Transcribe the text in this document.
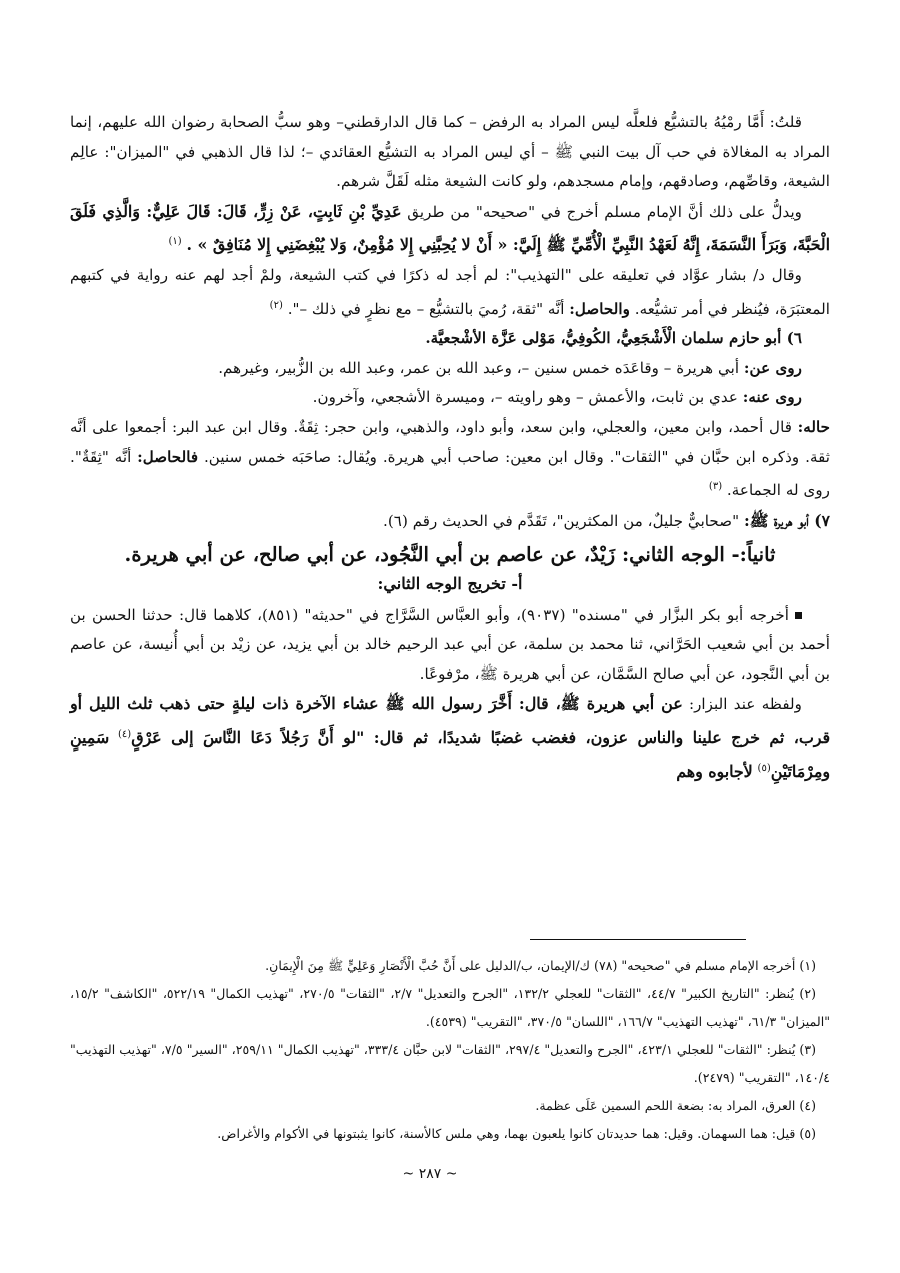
قلتُ: أَمَّا رمْيُهُ بالتشيُّع فلعلَّه ليس المراد به الرفض – كما قال الدارقطني– وهو سبُّ الصحابة رضوان الله عليهم، إنما المراد به المغالاة في حب آل بيت النبي ﷺ – أي ليس المراد به التشيُّع العقائدي –؛ لذا قال الذهبي في "الميزان": عالِم الشيعة، وقاصِّهم، وصادقهم، وإمام مسجدهم، ولو كانت الشيعة مثله لَقَلَّ شرهم.

ويدلُّ على ذلك أنَّ الإمام مسلم أخرج في "صحيحه" من طريق عَدِيِّ بْنِ ثَابِتٍ، عَنْ زِرٍّ، قَالَ: قَالَ عَلِيٌّ: وَالَّذِي فَلَقَ الْحَبَّةَ، وَبَرَأَ النَّسَمَةَ، إِنَّهُ لَعَهْدُ النَّبِيِّ الْأُمِّيِّ ﷺ إِلَيَّ: « أَنْ لا يُحِبَّنِي إِلا مُؤْمِنٌ، وَلا يُبْغِضَنِي إِلا مُنَافِقٌ » . $^{(١)}$

وقال د/ بشار عوَّاد في تعليقه على "التهذيب": لم أجد له ذكرًا في كتب الشيعة، ولمْ أجد لهم عنه رواية في كتبهم المعتبَرَة، فيُنظر في أمر تشيُّعه. والحاصل: أنَّه "ثقة، رُميَ بالتشيُّع – مع نظرٍ في ذلك –". $^{(٢)}$

٦) أبو حازم سلمان الْأَشْجَعِيُّ، الكُوفِيُّ، مَوْلى عَزَّة الأشْجعيَّة.

روى عن: أبي هريرة – وقاعَدَه خمس سنين –، وعبد الله بن عمر، وعبد الله بن الزُّبير، وغيرهم.

روى عنه: عدي بن ثابت، والأعمش – وهو راويته –، وميسرة الأشجعي، وآخرون.

حاله: قال أحمد، وابن معين، والعجلي، وابن سعد، وأبو داود، والذهبي، وابن حجر: ثِقَةٌ. وقال ابن عبد البر: أجمعوا على أنَّه ثقة. وذكره ابن حبَّان في "الثقات". وقال ابن معين: صاحب أبي هريرة. ويُقال: صاحَبَه خمس سنين. فالحاصل: أنَّه "ثِقَةٌ". روى له الجماعة. $^{(٣)}$

٧) أبو هريرة ﷺ: "صحابيٌّ جليلٌ، من المكثرين"، تَقَدَّم في الحديث رقم (٦).

ثانياً:- الوجه الثاني: زَيْدٌ، عن عاصم بن أبي النَّجُود، عن أبي صالح، عن أبي هريرة.
أ- تخريج الوجه الثاني:

أخرجه أبو بكر البزَّار في "مسنده" (٩٠٣٧)، وأبو العبَّاس السَّرَّاج في "حديثه" (٨٥١)، كلاهما قال: حدثنا الحسن بن أحمد بن أبي شعيب الحَرَّاني، ثنا محمد بن سلمة، عن أبي عبد الرحيم خالد بن أبي يزيد، عن زيْد بن أبي أُنيسة، عن عاصم بن أبي النَّجود، عن أبي صالح السَّمَّان، عن أبي هريرة ﷺ، مرْفوعًا.

ولفظه عند البزار: عن أبي هريرة ﷺ، قال: أَخَّرَ رسول الله ﷺ عشاء الآخرة ذات ليلةٍ حتى ذهب ثلث الليل أو قرب، ثم خرج علينا والناس عزون، فغضب غضبًا شديدًا، ثم قال: "لو أَنَّ رَجُلاً دَعَا النَّاسَ إلى عَرْقٍ$^{(٤)}$ سَمِينٍ ومِرْمَاتَيْنِ$^{(٥)}$ لأجابوه وهم

(١) أخرجه الإمام مسلم في "صحيحه" (٧٨) ك/الإيمان، ب/الدليل على أَنَّ حُبَّ الْأَنْصَارِ وَعَلِيٍّ ﷺ مِنَ الْإِيمَانِ.

(٢) يُنظر: "التاريخ الكبير" ٤٤/٧، "الثقات" للعجلي ١٣٢/٢، "الجرح والتعديل" ٢/٧، "الثقات" ٢٧٠/٥، "تهذيب الكمال" ٥٢٢/١٩، "الكاشف" ١٥/٢، "الميزان" ٦١/٣، "تهذيب التهذيب" ١٦٦/٧، "اللسان" ٣٧٠/٥، "التقريب" (٤٥٣٩).

(٣) يُنظر: "الثقات" للعجلي ٤٢٣/١، "الجرح والتعديل" ٢٩٧/٤، "الثقات" لابن حبَّان ٣٣٣/٤، "تهذيب الكمال" ٢٥٩/١١، "السير" ٧/٥، "تهذيب التهذيب" ١٤٠/٤، "التقريب" (٢٤٧٩).

(٤) العرق، المراد به: بضعة اللحم السمين عَلَى عظمة.

(٥) قيل: هما السهمان. وقيل: هما حديدتان كانوا يلعبون بهما، وهي ملس كالأسنة، كانوا يثبتونها في الأكوام والأغراض.

~ ٢٨٧ ~
